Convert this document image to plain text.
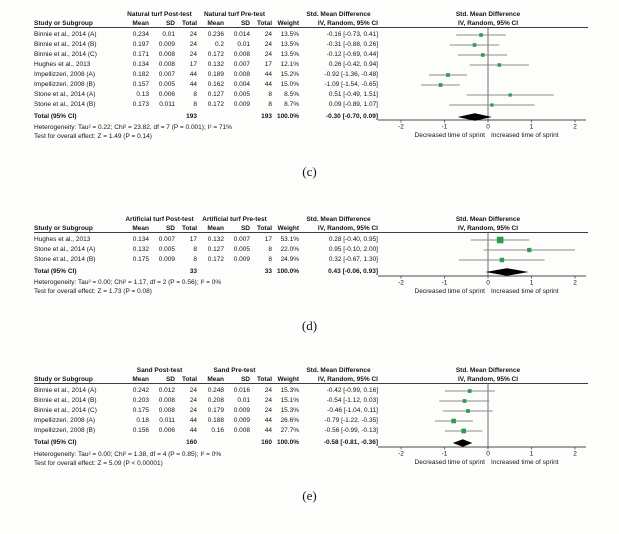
Natural turf Post-test	Natural turf Pre-test	Std. Mean Difference
Study or Subgroup	Mean	SD	Total	Mean	SD	Total Weight	IV, Random, 95% CI
Binnie et al., 2014 (A)	0.234	0.01	24	0.236	0.014	24	13.5%	-0.16 [-0.73, 0.41]
Binnie et al., 2014 (B)	0.197	0.009	24	0.2	0.01	24	13.5%	-0.31 [-0.88, 0.26]
Binnie et al., 2014 (C)	0.171	0.008	24	0.172	0.008	24	13.5%	-0.12 [-0.69, 0.44]
Hughes et al., 2013	0.134	0.008	17	0.132	0.007	17	12.1%	0.26 [-0.42, 0.94]
Impellizzeri, 2008 (A)	0.182	0.007	44	0.189	0.008	44	15.2%	-0.92 [-1.36, -0.48]
Impellizzeri, 2008 (B)	0.157	0.005	44	0.162	0.004	44	15.0%	-1.09 [-1.54, -0.65]
Stone et al., 2014 (A)	0.13	0.006	8	0.127	0.005	8	8.5%	0.51 [-0.49, 1.51]
Stone et al., 2014 (B)	0.173	0.011	8	0.172	0.009	8	8.7%	0.09 [-0.89, 1.07]
Total (95% CI)	193	193 100.0%	-0.30 [-0.70, 0.09]
Heterogeneity: Tau² = 0.22; Chi² = 23.82, df = 7 (P = 0.001); I² = 71%
Test for overall effect: Z = 1.49 (P = 0.14)
Std. Mean Difference
IV, Random, 95% CI
-2	-1	0	1	2
Decreased time of sprint Increased time of sprint
(c)
Artificial turf Post-test	Artificial turf Pre-test	Std. Mean Difference
Study or Subgroup	Mean	SD	Total	Mean	SD	Total Weight	IV, Random, 95% CI
Hughes et al., 2013	0.134	0.007	17	0.132	0.007	17	53.1%	0.28 [-0.40, 0.95]
Stone et al., 2014 (A)	0.132	0.005	8	0.127	0.005	8	22.0%	0.95 [-0.10, 2.00]
Stone et al., 2014 (B)	0.175	0.009	8	0.172	0.009	8	24.9%	0.32 [-0.67, 1.30]
Total (95% CI)	33	33 100.0%	0.43 [-0.06, 0.93]
Heterogeneity: Tau² = 0.00; Chi² = 1.17, df = 2 (P = 0.56); I² = 0%
Test for overall effect: Z = 1.73 (P = 0.08)
Std. Mean Difference
IV, Random, 95% CI
-2	-1	0	1	2
Decreased time of sprint Increased time of sprint
(d)
Sand Post-test	Sand Pre-test	Std. Mean Difference
Study or Subgroup	Mean	SD	Total	Mean	SD	Total Weight	IV, Random, 95% CI
Binnie et al., 2014 (A)	0.242	0.012	24	0.248	0.016	24	15.3%	-0.42 [-0.99, 0.16]
Binnie et al., 2014 (B)	0.203	0.008	24	0.208	0.01	24	15.1%	-0.54 [-1.12, 0.03]
Binnie et al., 2014 (C)	0.175	0.008	24	0.179	0.009	24	15.3%	-0.46 [-1.04, 0.11]
Impellizzeri, 2008 (A)	0.18	0.011	44	0.188	0.009	44	26.6%	-0.79 [-1.22, -0.35]
Impellizzeri, 2008 (B)	0.156	0.006	44	0.16	0.008	44	27.7%	-0.56 [-0.99, -0.13]
Total (95% CI)	160	160 100.0%	-0.58 [-0.81, -0.36]
Heterogeneity: Tau² = 0.00; Chi² = 1.38, df = 4 (P = 0.85); I² = 0%
Test for overall effect: Z = 5.09 (P < 0.00001)
Std. Mean Difference
IV, Random, 95% CI
-2	-1	0	1	2
Decreased time of sprint Increased time of sprint
(e)
